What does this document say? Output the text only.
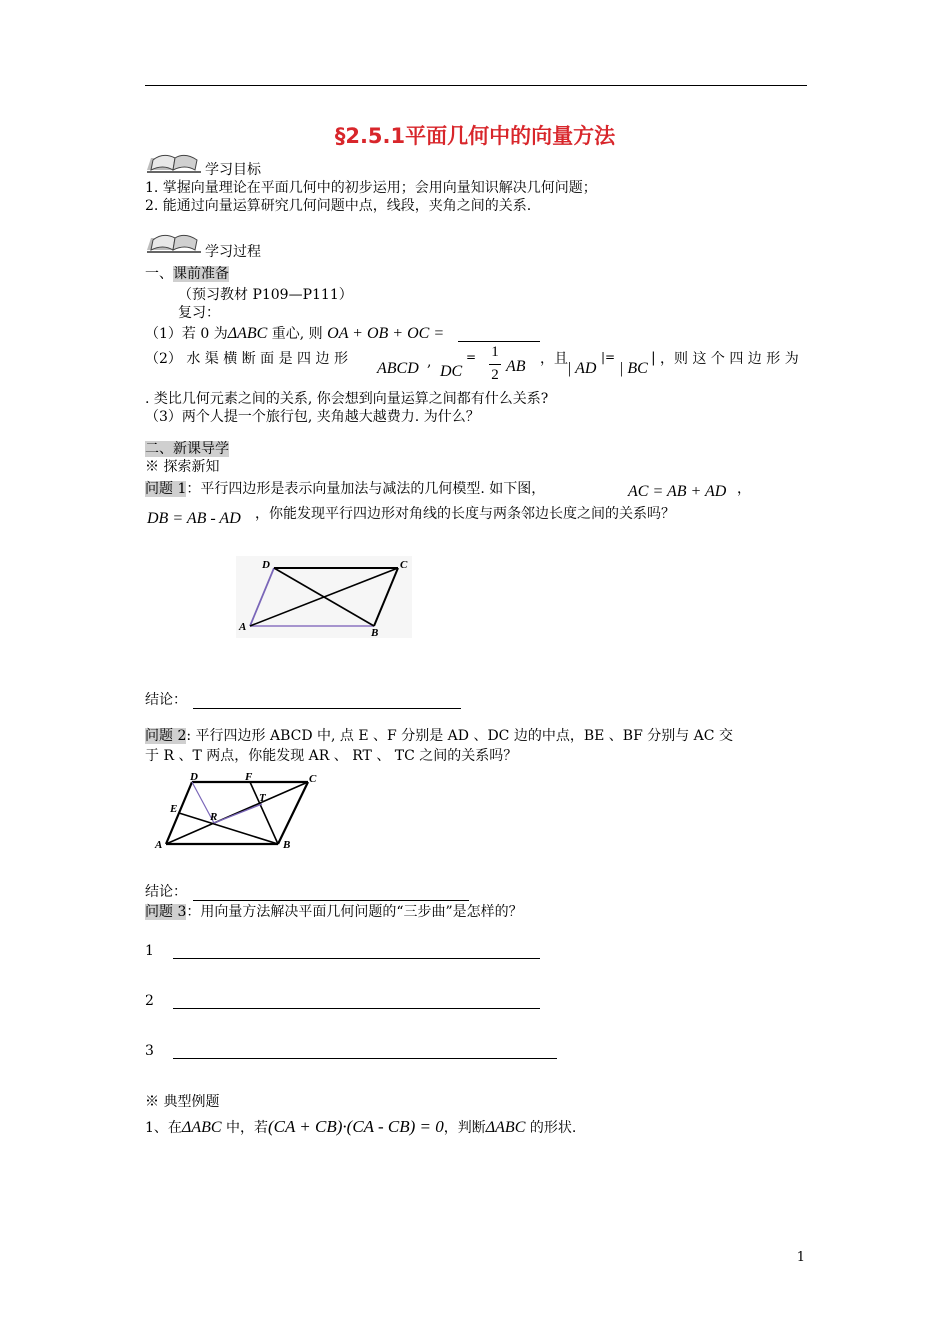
§2.5.1平面几何中的向量方法
学习目标
1. 掌握向量理论在平面几何中的初步运用；会用向量知识解决几何问题；
2. 能通过向量运算研究几何问题中点，线段，夹角之间的关系.
学习过程
一、课前准备
（预习教材 P109—P111）
复习：
（1）若 0 为ΔABC 重心, 则 OA + OB + OC =
（2） 水 渠 横 断 面 是 四 边 形
ABCD ,
DC
= 1
2 AB ，且
| AD
|=
| BC
| ，则 这 个 四 边 形 为
. 类比几何元素之间的关系, 你会想到向量运算之间都有什么关系?
（3）两个人提一个旅行包, 夹角越大越费力. 为什么？
二、新课导学
※ 探索新知
问题 1：平行四边形是表示向量加法与减法的几何模型. 如下图，	AC = AB + AD ，
DB = AB - AD ，你能发现平行四边形对角线的长度与两条邻边长度之间的关系吗？
D	C
A	B
结论：
问题 2: 平行四边形 ABCD 中, 点 E 、F 分别是 AD 、DC 边的中点，BE 、BF 分别与 AC 交
于 R 、T 两点，你能发现 AR 、 RT 、 TC 之间的关系吗？
D	F	C
T
E
R
A	B
结论：
问题 3：用向量方法解决平面几何问题的“三步曲”是怎样的？
1
2
3
※ 典型例题
1、在ΔABC 中，若(CA + CB)·(CA - CB) = 0，判断ΔABC 的形状.
1
